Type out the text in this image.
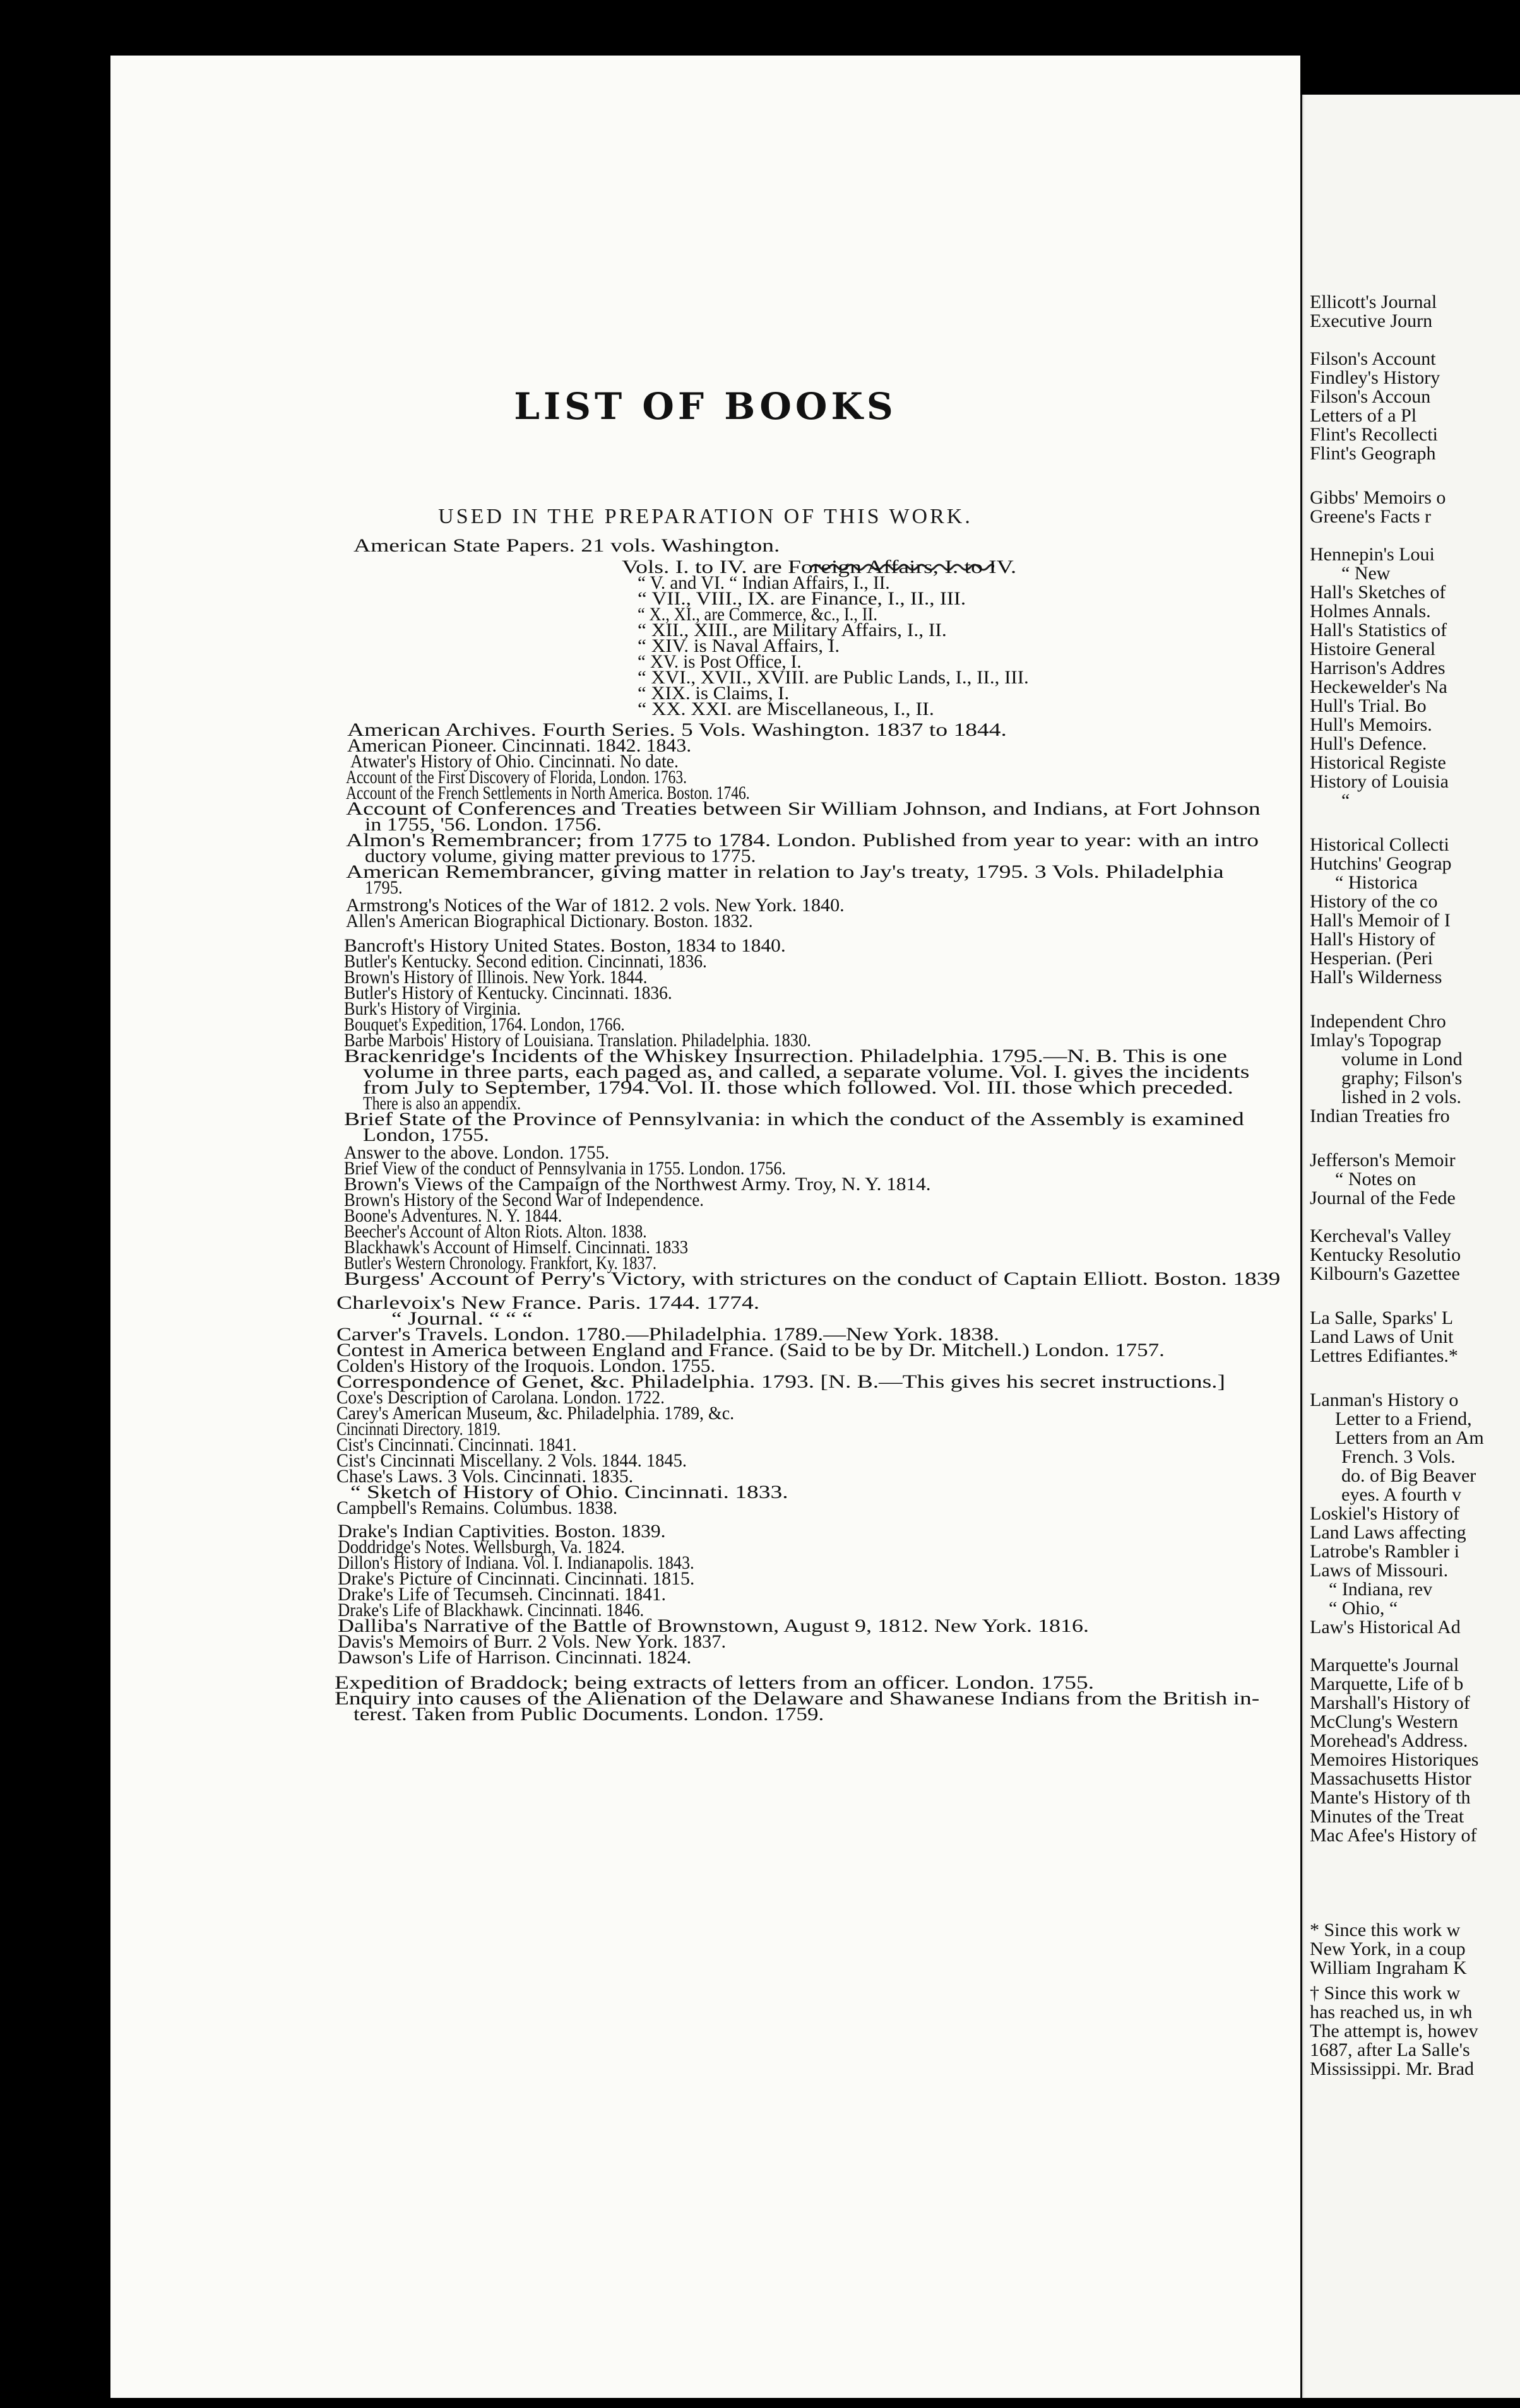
Ellicott's Journal
Executive Journ
Filson's Account
Findley's History
Filson's Accoun
Letters of a Pl
Flint's Recollecti
Flint's Geograph
Gibbs' Memoirs o
Greene's Facts r
Hennepin's Loui
“ New
Hall's Sketches of
Holmes Annals.
Hall's Statistics of
Histoire General
Harrison's Addres
Heckewelder's Na
Hull's Trial. Bo
Hull's Memoirs.
Hull's Defence.
Historical Registe
History of Louisia
“
Historical Collecti
Hutchins' Geograp
“ Historica
History of the co
Hall's Memoir of I
Hall's History of
Hesperian. (Peri
Hall's Wilderness
Independent Chro
Imlay's Topograp
volume in Lond
graphy; Filson's
lished in 2 vols.
Indian Treaties fro
Jefferson's Memoir
“ Notes on
Journal of the Fede
Kercheval's Valley
Kentucky Resolutio
Kilbourn's Gazettee
La Salle, Sparks' L
Land Laws of Unit
Lettres Edifiantes.*
Lanman's History o
Letter to a Friend,
Letters from an Am
French. 3 Vols.
do. of Big Beaver
eyes. A fourth v
Loskiel's History of
Land Laws affecting
Latrobe's Rambler i
Laws of Missouri.
“ Indiana, rev
“ Ohio, “
Law's Historical Ad
Marquette's Journal
Marquette, Life of b
Marshall's History of
McClung's Western
Morehead's Address.
Memoires Historiques
Massachusetts Histor
Mante's History of th
Minutes of the Treat
Mac Afee's History of
* Since this work w
New York, in a coup
William Ingraham K
† Since this work w
has reached us, in wh
The attempt is, howev
1687, after La Salle's
Mississippi. Mr. Brad
LIST OF BOOKS
USED IN THE PREPARATION OF THIS WORK.
American State Papers. 21 vols. Washington.
Vols. I. to IV. are Foreign Affairs, I. to IV.
“ V. and VI. “ Indian Affairs, I., II.
“ VII., VIII., IX. are Finance, I., II., III.
“ X., XI., are Commerce, &c., I., II.
“ XII., XIII., are Military Affairs, I., II.
“ XIV. is Naval Affairs, I.
“ XV. is Post Office, I.
“ XVI., XVII., XVIII. are Public Lands, I., II., III.
“ XIX. is Claims, I.
“ XX. XXI. are Miscellaneous, I., II.
American Archives. Fourth Series. 5 Vols. Washington. 1837 to 1844.
American Pioneer. Cincinnati. 1842. 1843.
Atwater's History of Ohio. Cincinnati. No date.
Account of the First Discovery of Florida, London. 1763.
Account of the French Settlements in North America. Boston. 1746.
Account of Conferences and Treaties between Sir William Johnson, and Indians, at Fort Johnson
in 1755, '56. London. 1756.
Almon's Remembrancer; from 1775 to 1784. London. Published from year to year: with an intro
ductory volume, giving matter previous to 1775.
American Remembrancer, giving matter in relation to Jay's treaty, 1795. 3 Vols. Philadelphia
1795.
Armstrong's Notices of the War of 1812. 2 vols. New York. 1840.
Allen's American Biographical Dictionary. Boston. 1832.
Bancroft's History United States. Boston, 1834 to 1840.
Butler's Kentucky. Second edition. Cincinnati, 1836.
Brown's History of Illinois. New York. 1844.
Butler's History of Kentucky. Cincinnati. 1836.
Burk's History of Virginia.
Bouquet's Expedition, 1764. London, 1766.
Barbe Marbois' History of Louisiana. Translation. Philadelphia. 1830.
Brackenridge's Incidents of the Whiskey Insurrection. Philadelphia. 1795.—N. B. This is one
volume in three parts, each paged as, and called, a separate volume. Vol. I. gives the incidents
from July to September, 1794. Vol. II. those which followed. Vol. III. those which preceded.
There is also an appendix.
Brief State of the Province of Pennsylvania: in which the conduct of the Assembly is examined
London, 1755.
Answer to the above. London. 1755.
Brief View of the conduct of Pennsylvania in 1755. London. 1756.
Brown's Views of the Campaign of the Northwest Army. Troy, N. Y. 1814.
Brown's History of the Second War of Independence.
Boone's Adventures. N. Y. 1844.
Beecher's Account of Alton Riots. Alton. 1838.
Blackhawk's Account of Himself. Cincinnati. 1833
Butler's Western Chronology. Frankfort, Ky. 1837.
Burgess' Account of Perry's Victory, with strictures on the conduct of Captain Elliott. Boston. 1839
Charlevoix's New France. Paris. 1744. 1774.
“ Journal. “ “ “
Carver's Travels. London. 1780.—Philadelphia. 1789.—New York. 1838.
Contest in America between England and France. (Said to be by Dr. Mitchell.) London. 1757.
Colden's History of the Iroquois. London. 1755.
Correspondence of Genet, &c. Philadelphia. 1793. [N. B.—This gives his secret instructions.]
Coxe's Description of Carolana. London. 1722.
Carey's American Museum, &c. Philadelphia. 1789, &c.
Cincinnati Directory. 1819.
Cist's Cincinnati. Cincinnati. 1841.
Cist's Cincinnati Miscellany. 2 Vols. 1844. 1845.
Chase's Laws. 3 Vols. Cincinnati. 1835.
“ Sketch of History of Ohio. Cincinnati. 1833.
Campbell's Remains. Columbus. 1838.
Drake's Indian Captivities. Boston. 1839.
Doddridge's Notes. Wellsburgh, Va. 1824.
Dillon's History of Indiana. Vol. I. Indianapolis. 1843.
Drake's Picture of Cincinnati. Cincinnati. 1815.
Drake's Life of Tecumseh. Cincinnati. 1841.
Drake's Life of Blackhawk. Cincinnati. 1846.
Dalliba's Narrative of the Battle of Brownstown, August 9, 1812. New York. 1816.
Davis's Memoirs of Burr. 2 Vols. New York. 1837.
Dawson's Life of Harrison. Cincinnati. 1824.
Expedition of Braddock; being extracts of letters from an officer. London. 1755.
Enquiry into causes of the Alienation of the Delaware and Shawanese Indians from the British in-
terest. Taken from Public Documents. London. 1759.
